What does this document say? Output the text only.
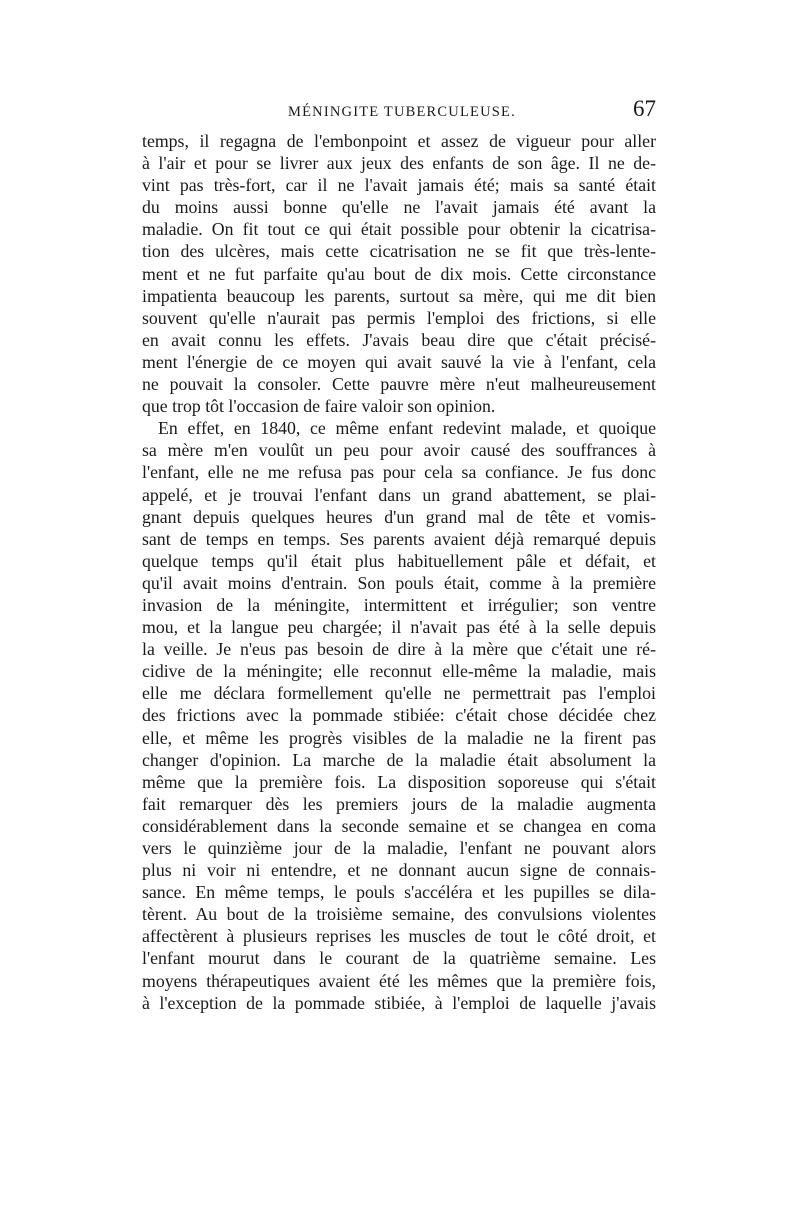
MÉNINGITE TUBERCULEUSE.	67
temps, il regagna de l'embonpoint et assez de vigueur pour aller
à l'air et pour se livrer aux jeux des enfants de son âge. Il ne de-
vint pas très-fort, car il ne l'avait jamais été; mais sa santé était
du moins aussi bonne qu'elle ne l'avait jamais été avant la
maladie. On fit tout ce qui était possible pour obtenir la cicatrisa-
tion des ulcères, mais cette cicatrisation ne se fit que très-lente-
ment et ne fut parfaite qu'au bout de dix mois. Cette circonstance
impatienta beaucoup les parents, surtout sa mère, qui me dit bien
souvent qu'elle n'aurait pas permis l'emploi des frictions, si elle
en avait connu les effets. J'avais beau dire que c'était précisé-
ment l'énergie de ce moyen qui avait sauvé la vie à l'enfant, cela
ne pouvait la consoler. Cette pauvre mère n'eut malheureusement
que trop tôt l'occasion de faire valoir son opinion.
En effet, en 1840, ce même enfant redevint malade, et quoique
sa mère m'en voulût un peu pour avoir causé des souffrances à
l'enfant, elle ne me refusa pas pour cela sa confiance. Je fus donc
appelé, et je trouvai l'enfant dans un grand abattement, se plai-
gnant depuis quelques heures d'un grand mal de tête et vomis-
sant de temps en temps. Ses parents avaient déjà remarqué depuis
quelque temps qu'il était plus habituellement pâle et défait, et
qu'il avait moins d'entrain. Son pouls était, comme à la première
invasion de la méningite, intermittent et irrégulier; son ventre
mou, et la langue peu chargée; il n'avait pas été à la selle depuis
la veille. Je n'eus pas besoin de dire à la mère que c'était une ré-
cidive de la méningite; elle reconnut elle-même la maladie, mais
elle me déclara formellement qu'elle ne permettrait pas l'emploi
des frictions avec la pommade stibiée: c'était chose décidée chez
elle, et même les progrès visibles de la maladie ne la firent pas
changer d'opinion. La marche de la maladie était absolument la
même que la première fois. La disposition soporeuse qui s'était
fait remarquer dès les premiers jours de la maladie augmenta
considérablement dans la seconde semaine et se changea en coma
vers le quinzième jour de la maladie, l'enfant ne pouvant alors
plus ni voir ni entendre, et ne donnant aucun signe de connais-
sance. En même temps, le pouls s'accéléra et les pupilles se dila-
tèrent. Au bout de la troisième semaine, des convulsions violentes
affectèrent à plusieurs reprises les muscles de tout le côté droit, et
l'enfant mourut dans le courant de la quatrième semaine. Les
moyens thérapeutiques avaient été les mêmes que la première fois,
à l'exception de la pommade stibiée, à l'emploi de laquelle j'avais
